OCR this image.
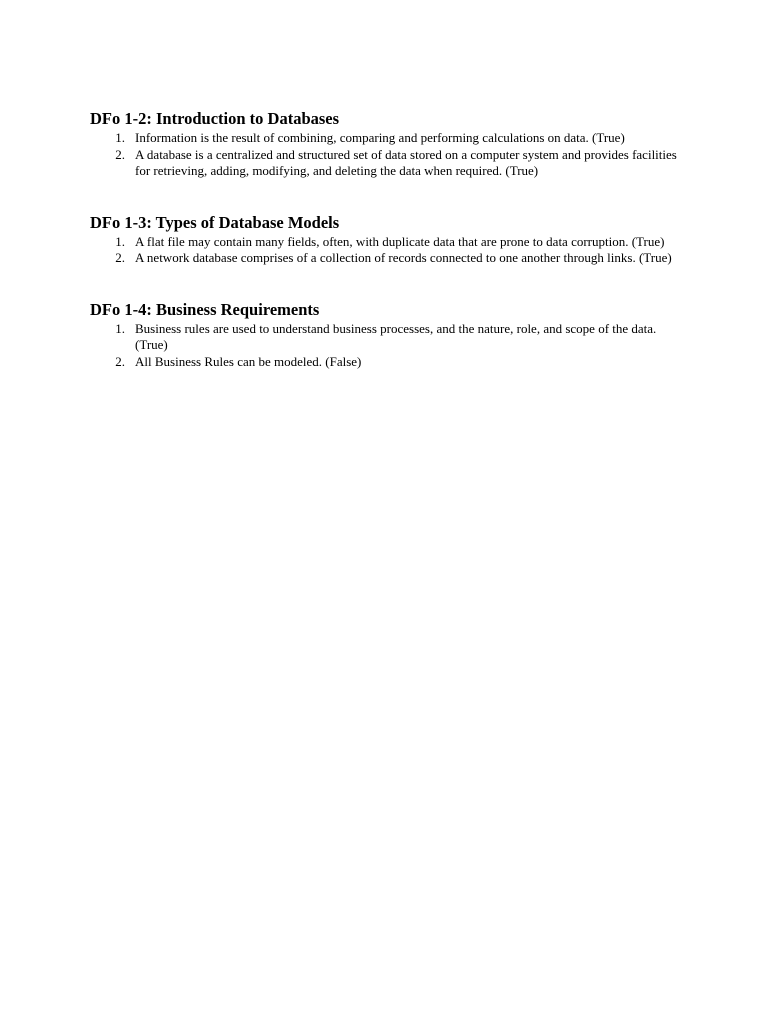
DFo 1-2: Introduction to Databases
1. Information is the result of combining, comparing and performing calculations on data. (True)
2. A database is a centralized and structured set of data stored on a computer system and provides facilities for retrieving, adding, modifying, and deleting the data when required. (True)
DFo 1-3: Types of Database Models
1. A flat file may contain many fields, often, with duplicate data that are prone to data corruption. (True)
2. A network database comprises of a collection of records connected to one another through links. (True)
DFo 1-4: Business Requirements
1. Business rules are used to understand business processes, and the nature, role, and scope of the data. (True)
2. All Business Rules can be modeled. (False)
